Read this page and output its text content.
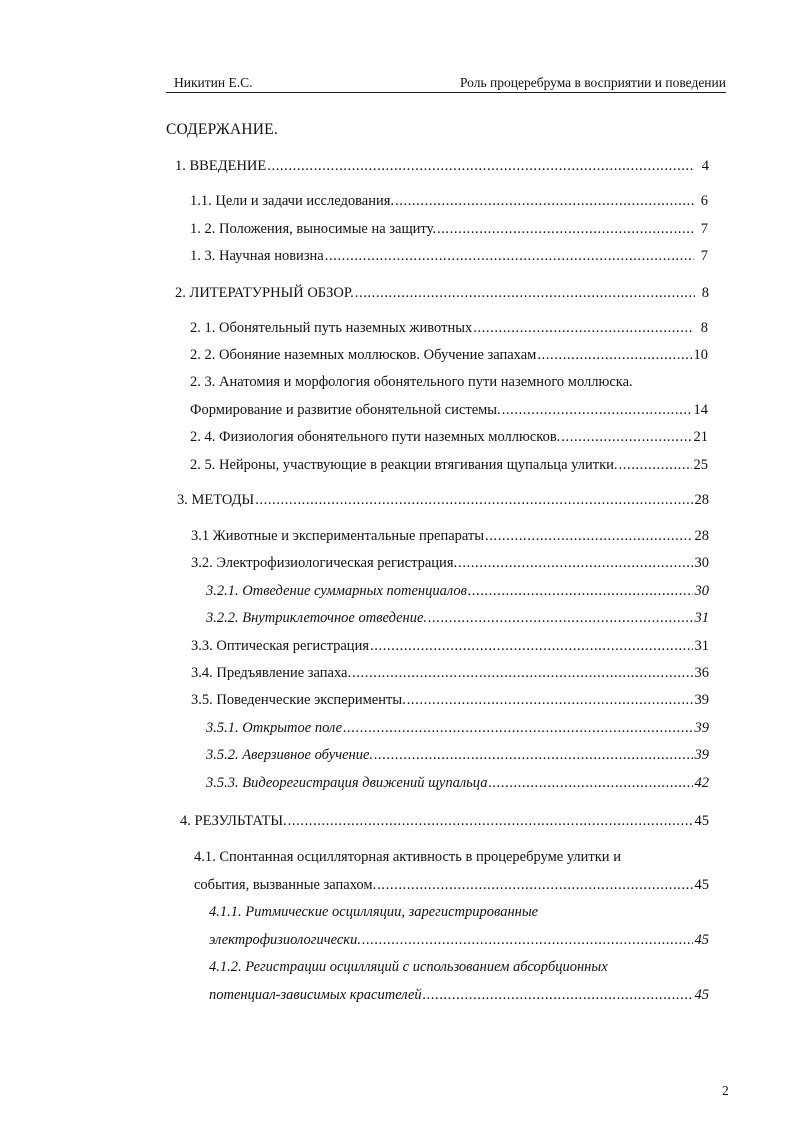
Никитин Е.С.	Роль процеребрума в восприятии и поведении
СОДЕРЖАНИЕ.
1. ВВЕДЕНИЕ .....	4
1.1. Цели и задачи исследования. .....	6
1. 2. Положения, выносимые на защиту. .....	7
1. 3. Научная новизна .....	7
2. ЛИТЕРАТУРНЫЙ ОБЗОР. .....	8
2. 1. Обонятельный путь наземных животных .....	8
2. 2. Обоняние наземных моллюсков. Обучение запахам .....	10
2. 3. Анатомия и морфология обонятельного пути наземного моллюска.
Формирование и развитие обонятельной системы. .....	14
2. 4. Физиология обонятельного пути наземных моллюсков. .....	21
2. 5. Нейроны, участвующие в реакции втягивания щупальца улитки. .....	25
3. МЕТОДЫ .....	28
3.1 Животные и экспериментальные препараты .....	28
3.2. Электрофизиологическая регистрация. .....	30
3.2.1. Отведение суммарных потенциалов .....	30
3.2.2. Внутриклеточное отведение. .....	31
3.3. Оптическая регистрация .....	31
3.4. Предъявление запаха. .....	36
3.5. Поведенческие эксперименты. .....	39
3.5.1. Открытое поле .....	39
3.5.2. Аверзивное обучение. .....	39
3.5.3. Видеорегистрация движений щупальца .....	42
4. РЕЗУЛЬТАТЫ. .....	45
4.1. Спонтанная осцилляторная активность в процеребруме улитки и
события, вызванные запахом. .....	45
4.1.1. Ритмические осцилляции, зарегистрированные
электрофизиологически. .....	45
4.1.2. Регистрации осцилляций с использованием абсорбционных
потенциал-зависимых красителей .....	45
2
